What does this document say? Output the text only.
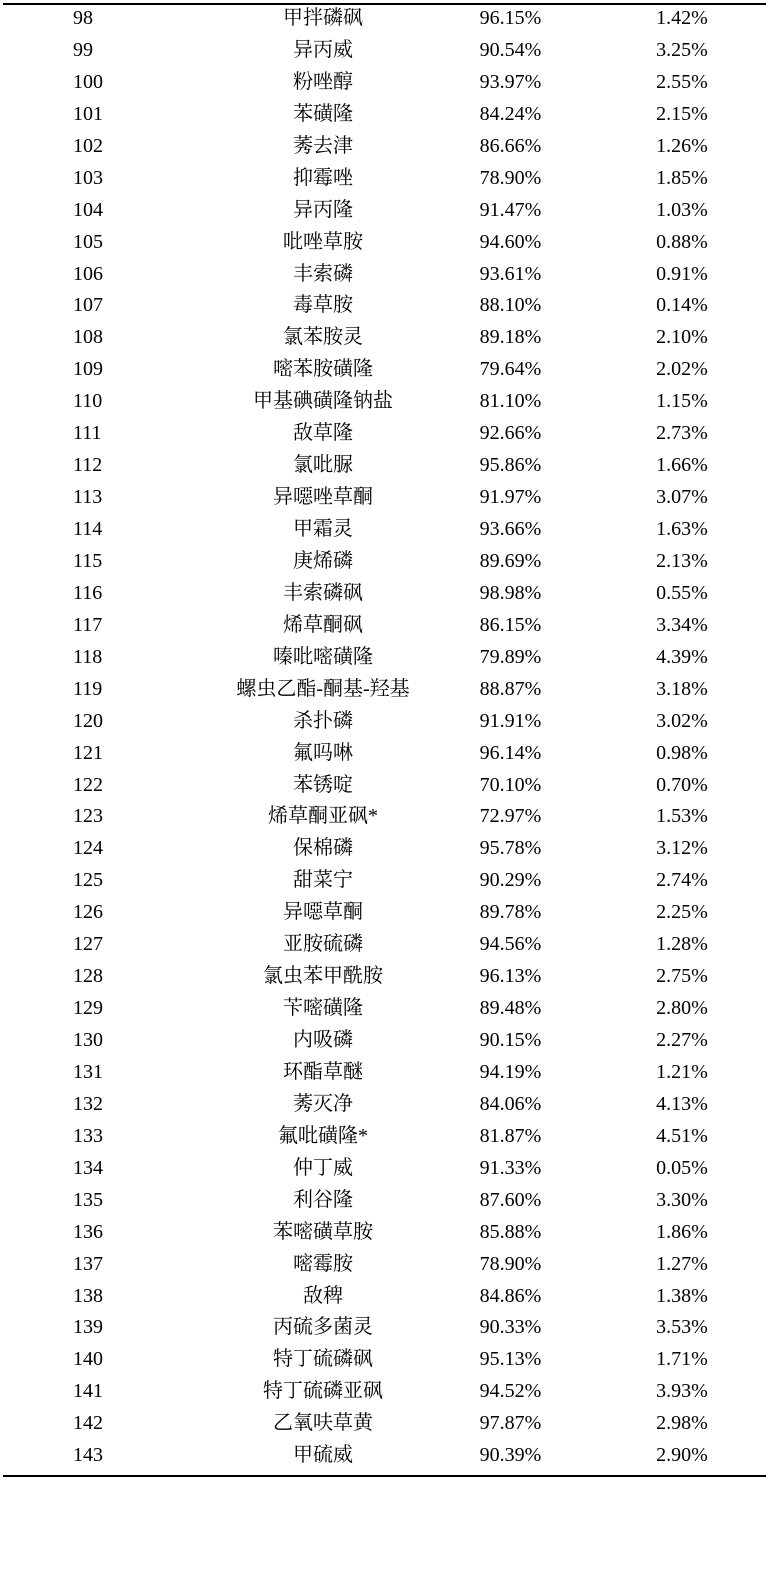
98	甲拌磷砜	96.15%	1.42%
99	异丙威	90.54%	3.25%
100	粉唑醇	93.97%	2.55%
101	苯磺隆	84.24%	2.15%
102	莠去津	86.66%	1.26%
103	抑霉唑	78.90%	1.85%
104	异丙隆	91.47%	1.03%
105	吡唑草胺	94.60%	0.88%
106	丰索磷	93.61%	0.91%
107	毒草胺	88.10%	0.14%
108	氯苯胺灵	89.18%	2.10%
109	嘧苯胺磺隆	79.64%	2.02%
110	甲基碘磺隆钠盐	81.10%	1.15%
111	敌草隆	92.66%	2.73%
112	氯吡脲	95.86%	1.66%
113	异噁唑草酮	91.97%	3.07%
114	甲霜灵	93.66%	1.63%
115	庚烯磷	89.69%	2.13%
116	丰索磷砜	98.98%	0.55%
117	烯草酮砜	86.15%	3.34%
118	嗪吡嘧磺隆	79.89%	4.39%
119	螺虫乙酯-酮基-羟基	88.87%	3.18%
120	杀扑磷	91.91%	3.02%
121	氟吗啉	96.14%	0.98%
122	苯锈啶	70.10%	0.70%
123	烯草酮亚砜*	72.97%	1.53%
124	保棉磷	95.78%	3.12%
125	甜菜宁	90.29%	2.74%
126	异噁草酮	89.78%	2.25%
127	亚胺硫磷	94.56%	1.28%
128	氯虫苯甲酰胺	96.13%	2.75%
129	苄嘧磺隆	89.48%	2.80%
130	内吸磷	90.15%	2.27%
131	环酯草醚	94.19%	1.21%
132	莠灭净	84.06%	4.13%
133	氟吡磺隆*	81.87%	4.51%
134	仲丁威	91.33%	0.05%
135	利谷隆	87.60%	3.30%
136	苯嘧磺草胺	85.88%	1.86%
137	嘧霉胺	78.90%	1.27%
138	敌稗	84.86%	1.38%
139	丙硫多菌灵	90.33%	3.53%
140	特丁硫磷砜	95.13%	1.71%
141	特丁硫磷亚砜	94.52%	3.93%
142	乙氧呋草黄	97.87%	2.98%
143	甲硫威	90.39%	2.90%
